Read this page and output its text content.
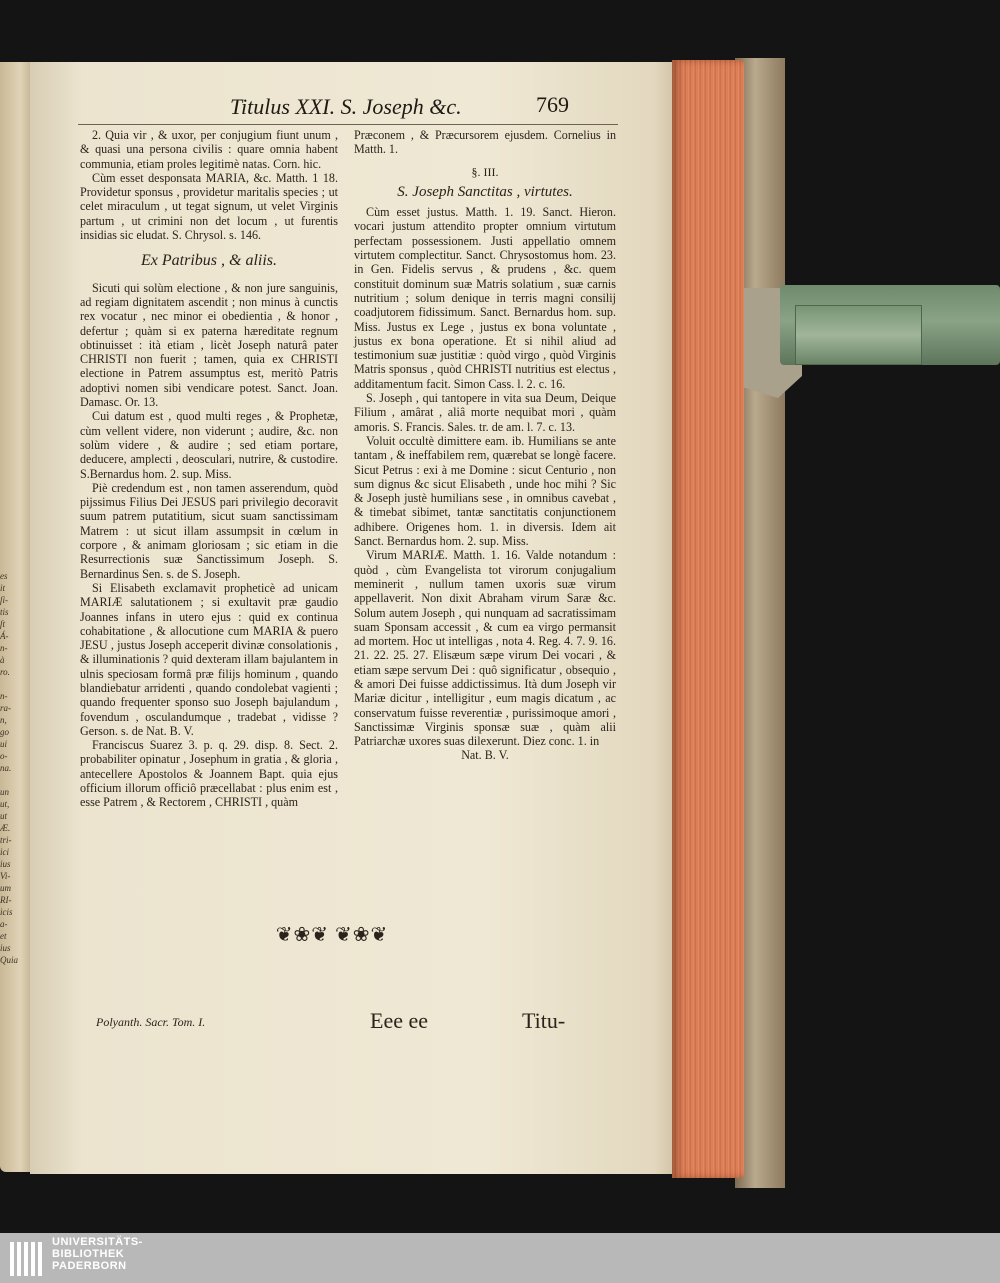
es
it
ſi-
tis
ſt
Á-
n-
à
ro.

n-
ra-
n,
go
ui
o-
na.

un
ut,
ut
Æ.
tri-
ici
ius
Vi-
um
RI-
icis
a-
et
ius
Quia
Titulus XXI. S. Joseph &c.	769

2. Quia vir , & uxor, per conjugium fiunt unum , & quasi una persona civilis : quare omnia habent communia, etiam proles legitimè natas. Corn. hic.

Cùm esset desponsata MARIA, &c. Matth. 1 18. Providetur sponsus , providetur maritalis species ; ut celet miraculum , ut tegat signum, ut velet Virginis partum , ut crimini non det locum , ut furentis insidias sic eludat. S. Chrysol. s. 146.

Ex Patribus , & aliis.

Sicuti qui solùm electione , & non jure sanguinis, ad regiam dignitatem ascendit ; non minus à cunctis rex vocatur , nec minor ei obedientia , & honor , defertur ; quàm si ex paterna hæreditate regnum obtinuisset : ità etiam , licèt Joseph naturâ pater CHRISTI non fuerit ; tamen, quia ex CHRISTI electione in Patrem assumptus est, meritò Patris adoptivi nomen sibi vendicare potest. Sanct. Joan. Damasc. Or. 13.

Cui datum est , quod multi reges , & Prophetæ, cùm vellent videre, non viderunt ; audire, &c. non solùm videre , & audire ; sed etiam portare, deducere, amplecti , deosculari, nutrire, & custodire. S.Bernardus hom. 2. sup. Miss.

Piè credendum est , non tamen asserendum, quòd pijssimus Filius Dei JESUS pari privilegio decoravit suum patrem putatitium, sicut suam sanctissimam Matrem : ut sicut illam assumpsit in cœlum in corpore , & animam gloriosam ; sic etiam in die Resurrectionis suæ Sanctissimum Joseph. S. Bernardinus Sen. s. de S. Joseph.

Si Elisabeth exclamavit propheticè ad unicam MARIÆ salutationem ; si exultavit præ gaudio Joannes infans in utero ejus : quid ex continua cohabitatione , & allocutione cum MARIA & puero JESU , justus Joseph acceperit divinæ consolationis , & illuminationis ? quid dexteram illam bajulantem in ulnis speciosam formâ præ filijs hominum , quando blandiebatur arridenti , quando condolebat vagienti ; quando frequenter sponso suo Joseph bajulandum , fovendum , osculandumque , tradebat , vidisse ? Gerson. s. de Nat. B. V.

Franciscus Suarez 3. p. q. 29. disp. 8. Sect. 2. probabiliter opinatur , Josephum in gratia , & gloria , antecellere Apostolos & Joannem Bapt. quia ejus officium illorum officiô præcellabat : plus enim est , esse Patrem , & Rectorem , CHRISTI , quàm

Præconem , & Præcursorem ejusdem. Cornelius in Matth. 1.

§. III.

S. Joseph Sanctitas , virtutes.

Cùm esset justus. Matth. 1. 19. Sanct. Hieron. vocari justum attendito propter omnium virtutum perfectam possessionem. Justi appellatio omnem virtutem complectitur. Sanct. Chrysostomus hom. 23. in Gen. Fidelis servus , & prudens , &c. quem constituit dominum suæ Matris solatium , suæ carnis nutritium ; solum denique in terris magni consilij coadjutorem fidissimum. Sanct. Bernardus hom. sup. Miss. Justus ex Lege , justus ex bona voluntate , justus ex bona operatione. Et si nihil aliud ad testimonium suæ justitiæ : quòd virgo , quòd Virginis Matris sponsus , quòd CHRISTI nutritius est electus , additamentum facit. Simon Cass. l. 2. c. 16.

S. Joseph , qui tantopere in vita sua Deum, Deique Filium , amârat , aliâ morte nequibat mori , quàm amoris. S. Francis. Sales. tr. de am. l. 7. c. 13.

Voluit occultè dimittere eam. ib. Humilians se ante tantam , & ineffabilem rem, quærebat se longè facere. Sicut Petrus : exi à me Domine : sicut Centurio , non sum dignus &c sicut Elisabeth , unde hoc mihi ? Sic & Joseph justè humilians sese , in omnibus cavebat , & timebat sibimet, tantæ sanctitatis conjunctionem adhibere. Origenes hom. 1. in diversis. Idem ait Sanct. Bernardus hom. 2. sup. Miss.

Virum MARIÆ. Matth. 1. 16. Valde notandum : quòd , cùm Evangelista tot virorum conjugalium meminerit , nullum tamen uxoris suæ virum appellaverit. Non dixit Abraham virum Saræ &c. Solum autem Joseph , qui nunquam ad sacratissimam suam Sponsam accessit , & cum ea virgo permansit ad mortem. Hoc ut intelligas , nota 4. Reg. 4. 7. 9. 16. 21. 22. 25. 27. Elisæum sæpe virum Dei vocari , & etiam sæpe servum Dei : quô significatur , obsequio , & amori Dei fuisse addictissimus. Ità dum Joseph vir Mariæ dicitur , intelligitur , eum magis dicatum , ac conservatum fuisse reverentiæ , purissimoque amori , Sanctissimæ Virginis sponsæ suæ , quàm alii Patriarchæ uxores suas dilexerunt. Diez conc. 1. in

Nat. B. V.

❦❀❦ ❦❀❦
Polyanth. Sacr. Tom. I.	Eee ee	Titu-
UNIVERSITÄTS-
BIBLIOTHEK
PADERBORN
